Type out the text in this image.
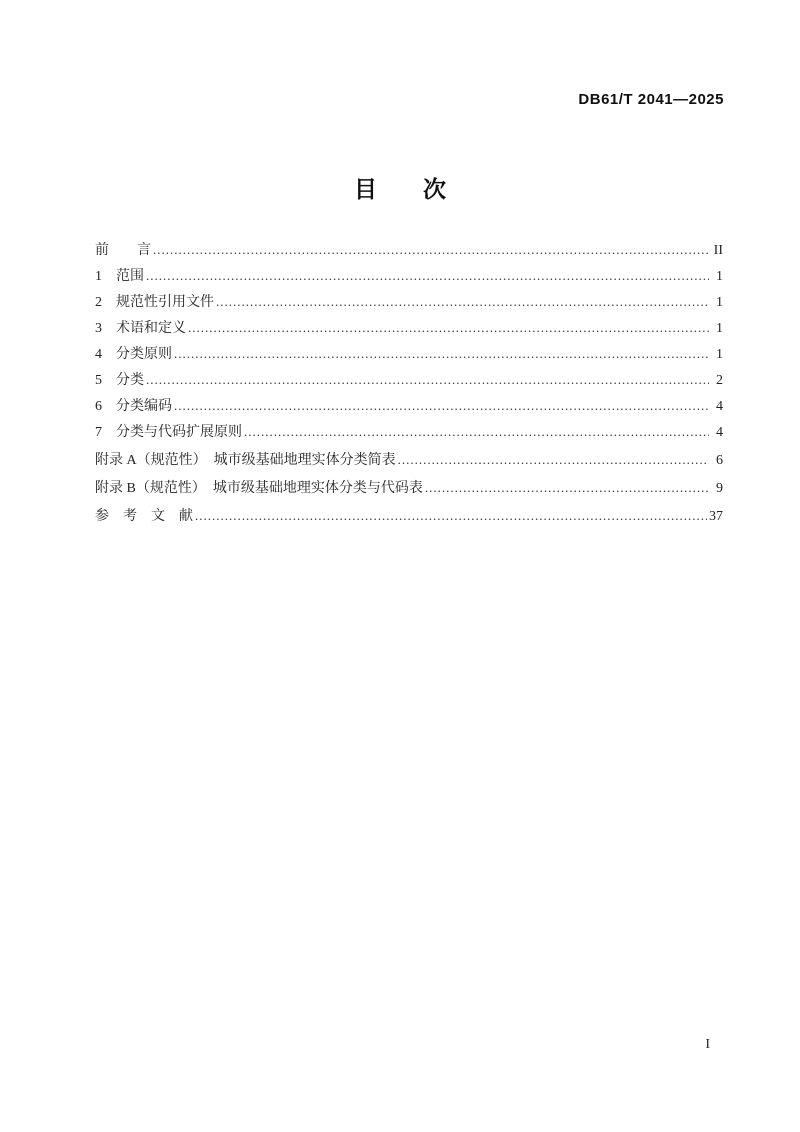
DB61/T 2041—2025
目　　次
前　　言 .....	II
1　范围 .....	1
2　规范性引用文件 .....	1
3　术语和定义 .....	1
4　分类原则 .....	1
5　分类 .....	2
6　分类编码 .....	4
7　分类与代码扩展原则 .....	4
附录 A（规范性）　城市级基础地理实体分类简表 .....	6
附录 B（规范性）　城市级基础地理实体分类与代码表 .....	9
参　考　文　献 .....	37
I
